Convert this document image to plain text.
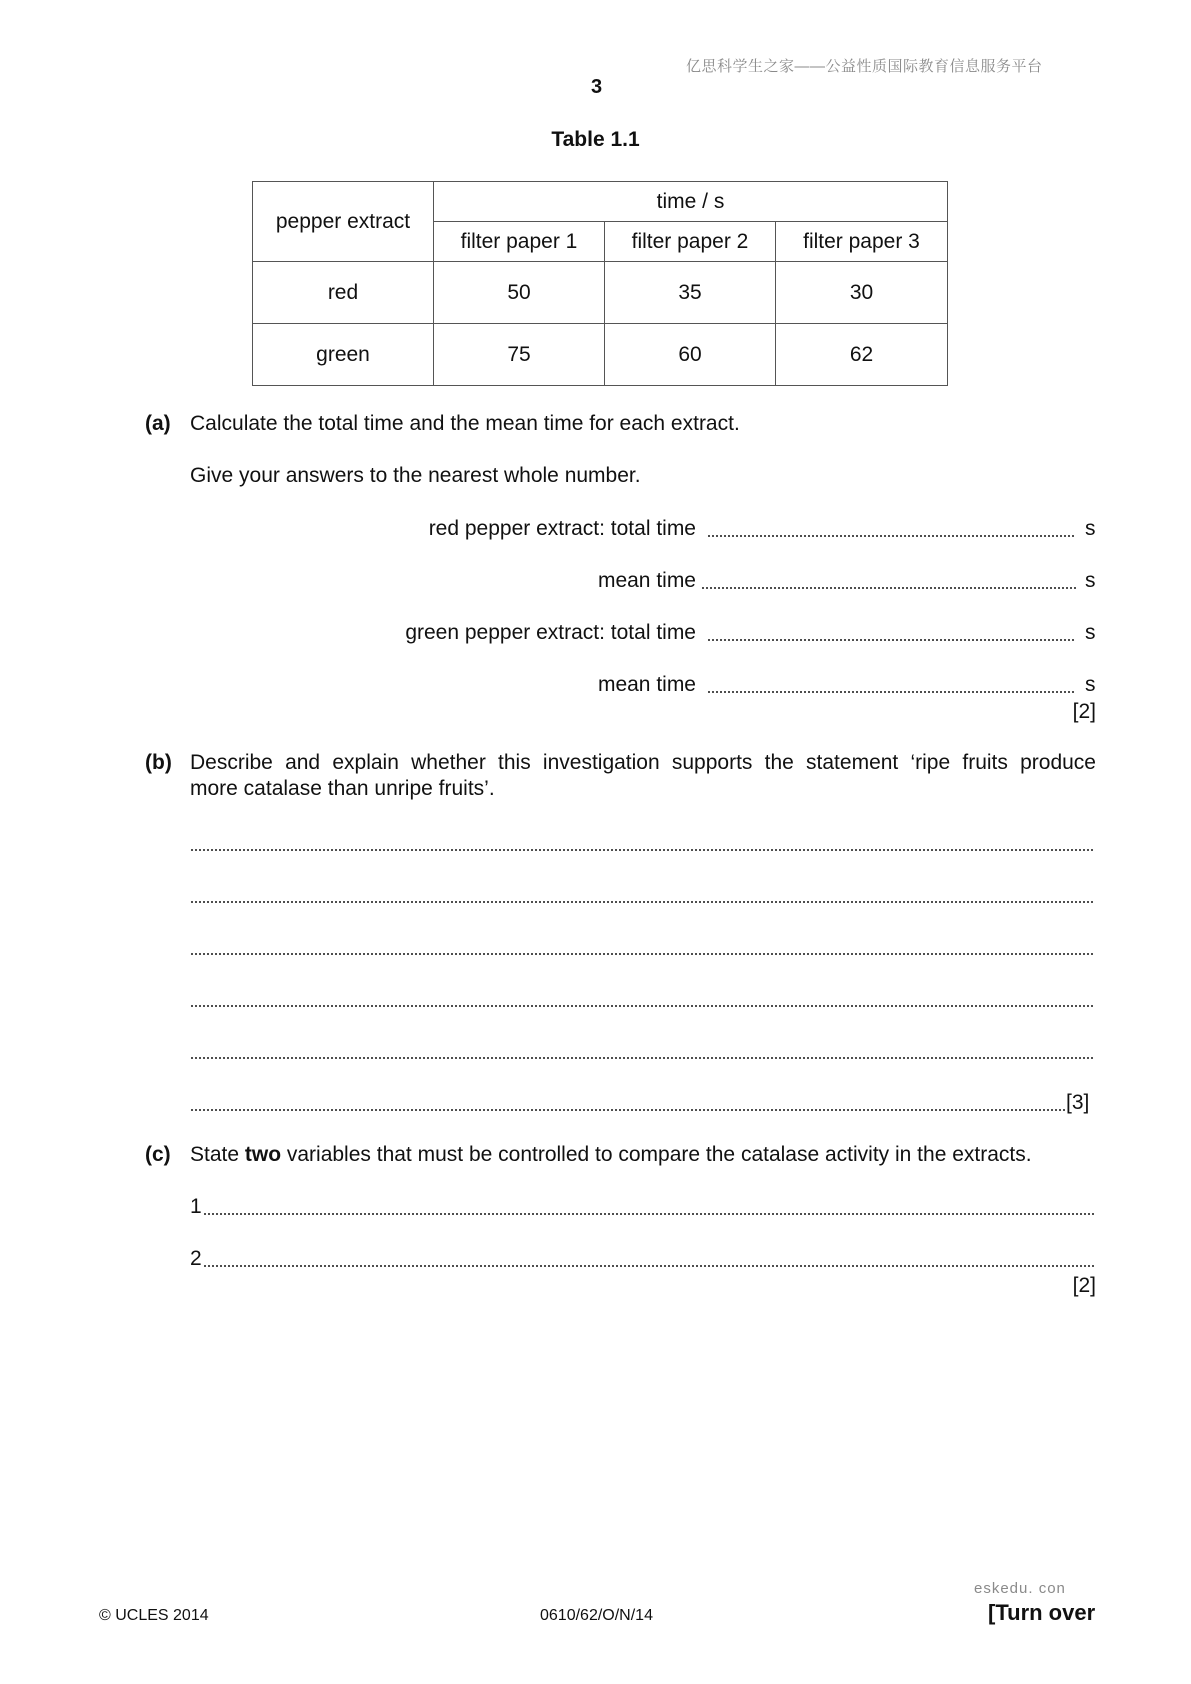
亿思科学生之家——公益性质国际教育信息服务平台
3
Table 1.1
pepper extract	time / s		
	filter paper 1	filter paper 2	filter paper 3
red	50	35	30
green	75	60	62
(a) Calculate the total time and the mean time for each extract.
Give your answers to the nearest whole number.
red pepper extract: total time	s
mean time	s
green pepper extract: total time	s
mean time	s
[2]
(b) Describe and explain whether this investigation supports the statement ‘ripe fruits produce
more catalase than unripe fruits’.
[3]
(c) State two variables that must be controlled to compare the catalase activity in the extracts.
1
2
[2]
eskedu. con
© UCLES 2014	0610/62/O/N/14	[Turn over
